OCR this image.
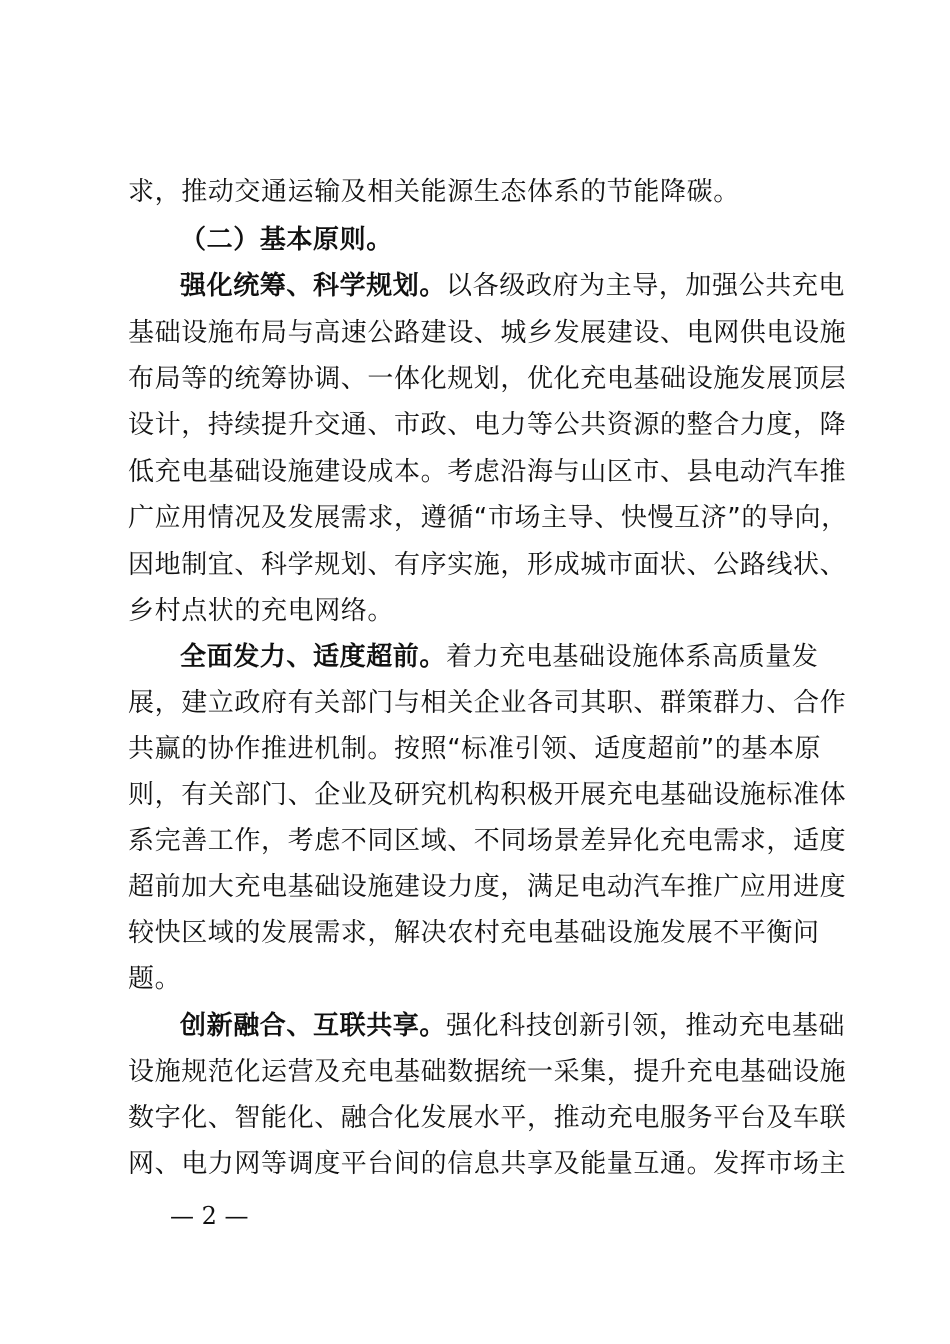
求，推动交通运输及相关能源生态体系的节能降碳。
（二）基本原则。
强化统筹、科学规划。以各级政府为主导，加强公共充电
基础设施布局与高速公路建设、城乡发展建设、电网供电设施
布局等的统筹协调、一体化规划，优化充电基础设施发展顶层
设计，持续提升交通、市政、电力等公共资源的整合力度，降
低充电基础设施建设成本。考虑沿海与山区市、县电动汽车推
广应用情况及发展需求，遵循“市场主导、快慢互济”的导向，
因地制宜、科学规划、有序实施，形成城市面状、公路线状、
乡村点状的充电网络。
全面发力、适度超前。着力充电基础设施体系高质量发
展，建立政府有关部门与相关企业各司其职、群策群力、合作
共赢的协作推进机制。按照“标准引领、适度超前”的基本原
则，有关部门、企业及研究机构积极开展充电基础设施标准体
系完善工作，考虑不同区域、不同场景差异化充电需求，适度
超前加大充电基础设施建设力度，满足电动汽车推广应用进度
较快区域的发展需求，解决农村充电基础设施发展不平衡问
题。
创新融合、互联共享。强化科技创新引领，推动充电基础
设施规范化运营及充电基础数据统一采集，提升充电基础设施
数字化、智能化、融合化发展水平，推动充电服务平台及车联
网、电力网等调度平台间的信息共享及能量互通。发挥市场主
— 2 —
